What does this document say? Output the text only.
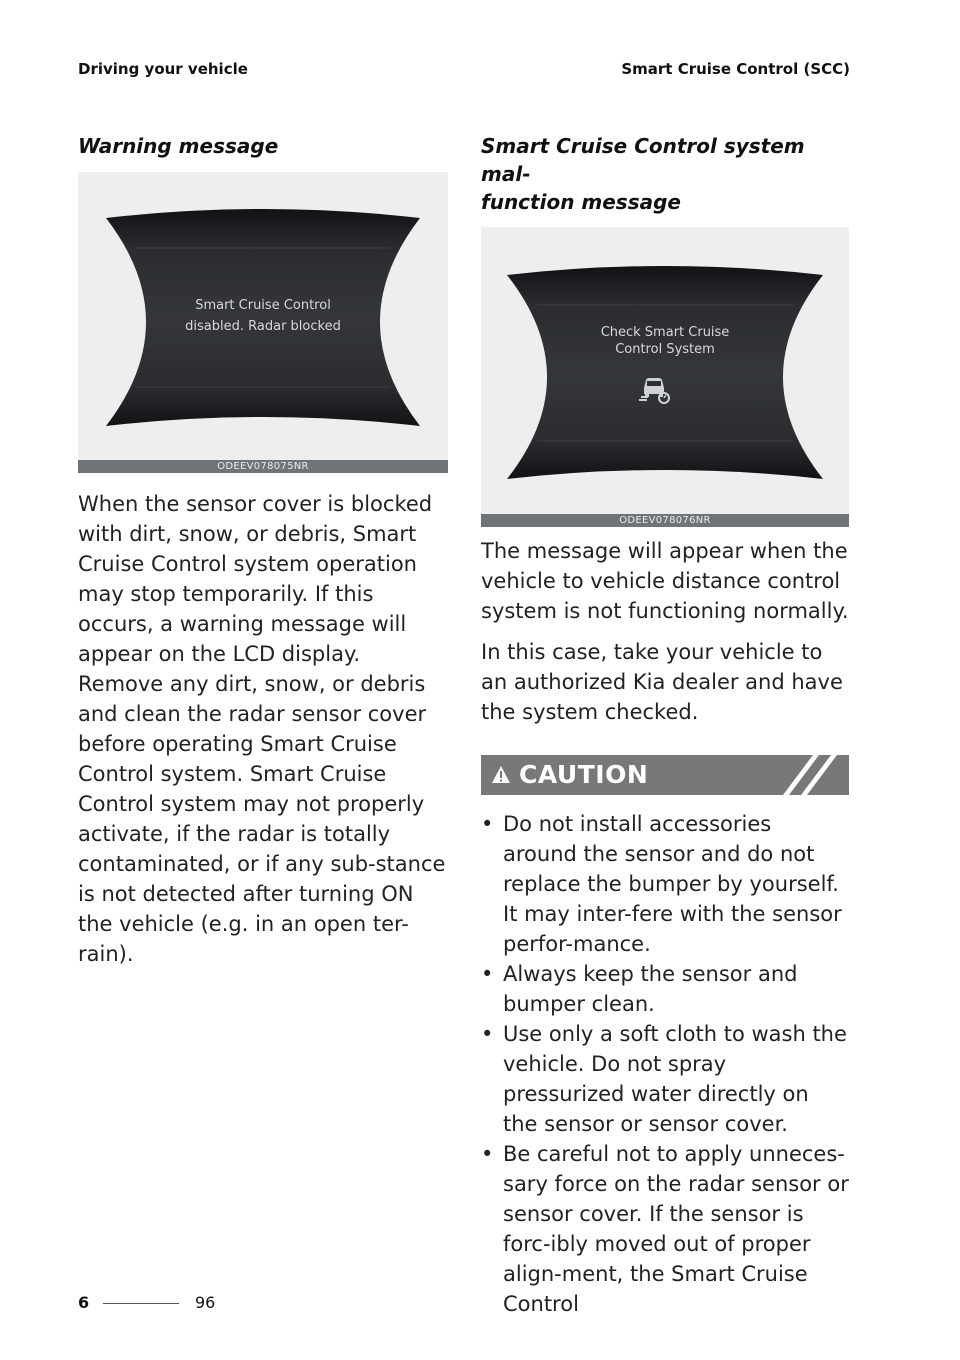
Driving your vehicle	Smart Cruise Control (SCC)
Warning message
Smart Cruise Control
disabled. Radar blocked
ODEEV078075NR

When the sensor cover is blocked with dirt, snow, or debris, Smart Cruise Control system operation may stop temporarily. If this occurs, a warning message will appear on the LCD display. Remove any dirt, snow, or debris and clean the radar sensor cover before operating Smart Cruise Control system. Smart Cruise Control system may not properly activate, if the radar is totally contaminated, or if any sub-stance is not detected after turning ON the vehicle (e.g. in an open ter-rain).

Smart Cruise Control system mal-
function message
Check Smart Cruise
Control System
ODEEV078076NR

The message will appear when the vehicle to vehicle distance control system is not functioning normally.

In this case, take your vehicle to an authorized Kia dealer and have the system checked.

CAUTION
• Do not install accessories around the sensor and do not replace the bumper by yourself. It may inter-fere with the sensor perfor-mance.
• Always keep the sensor and bumper clean.
• Use only a soft cloth to wash the vehicle. Do not spray pressurized water directly on the sensor or sensor cover.
• Be careful not to apply unneces-sary force on the radar sensor or sensor cover. If the sensor is forc-ibly moved out of proper align-ment, the Smart Cruise Control
6	96
